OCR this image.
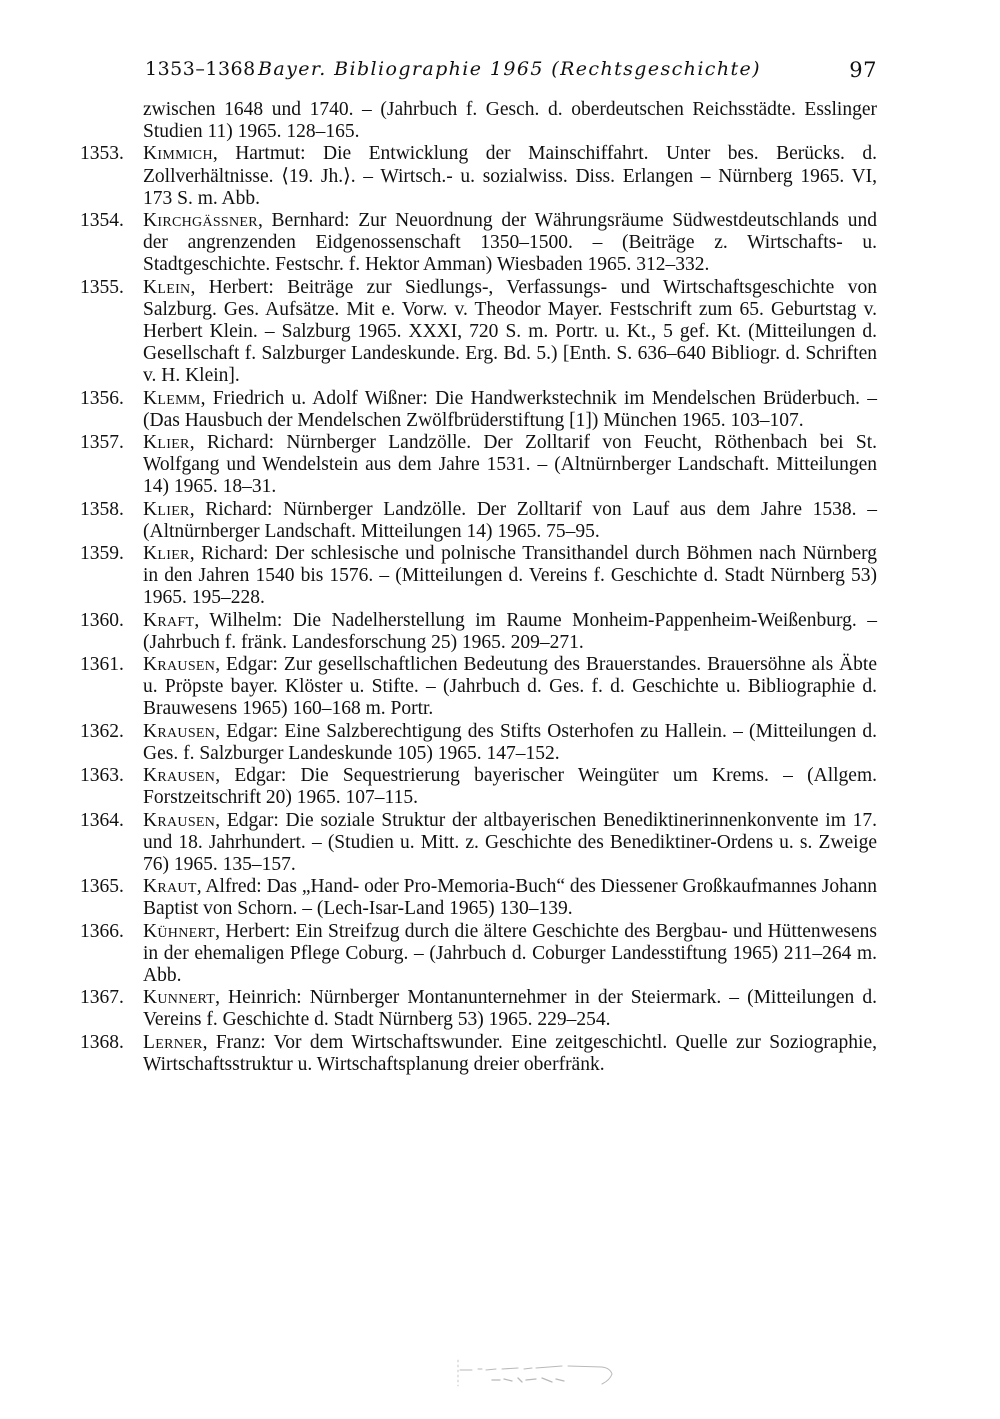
1353–1368 Bayer. Bibliographie 1965 (Rechtsgeschichte)	97
zwischen 1648 und 1740. – (Jahrbuch f. Gesch. d. oberdeutschen Reichsstädte. Esslinger Studien 11) 1965. 128–165.
1353. Kimmich, Hartmut: Die Entwicklung der Mainschiffahrt. Unter bes. Berücks. d. Zollverhältnisse. ⟨19. Jh.⟩. – Wirtsch.- u. sozialwiss. Diss. Erlangen – Nürnberg 1965. VI, 173 S. m. Abb.
1354. Kirchgässner, Bernhard: Zur Neuordnung der Währungsräume Südwestdeutschlands und der angrenzenden Eidgenossenschaft 1350–1500. – (Beiträge z. Wirtschafts- u. Stadtgeschichte. Festschr. f. Hektor Amman) Wiesbaden 1965. 312–332.
1355. Klein, Herbert: Beiträge zur Siedlungs-, Verfassungs- und Wirtschaftsgeschichte von Salzburg. Ges. Aufsätze. Mit e. Vorw. v. Theodor Mayer. Festschrift zum 65. Geburtstag v. Herbert Klein. – Salzburg 1965. XXXI, 720 S. m. Portr. u. Kt., 5 gef. Kt. (Mitteilungen d. Gesellschaft f. Salzburger Landeskunde. Erg. Bd. 5.) [Enth. S. 636–640 Bibliogr. d. Schriften v. H. Klein].
1356. Klemm, Friedrich u. Adolf Wißner: Die Handwerkstechnik im Mendelschen Brüderbuch. – (Das Hausbuch der Mendelschen Zwölfbrüderstiftung [1]) München 1965. 103–107.
1357. Klier, Richard: Nürnberger Landzölle. Der Zolltarif von Feucht, Röthenbach bei St. Wolfgang und Wendelstein aus dem Jahre 1531. – (Altnürnberger Landschaft. Mitteilungen 14) 1965. 18–31.
1358. Klier, Richard: Nürnberger Landzölle. Der Zolltarif von Lauf aus dem Jahre 1538. – (Altnürnberger Landschaft. Mitteilungen 14) 1965. 75–95.
1359. Klier, Richard: Der schlesische und polnische Transithandel durch Böhmen nach Nürnberg in den Jahren 1540 bis 1576. – (Mitteilungen d. Vereins f. Geschichte d. Stadt Nürnberg 53) 1965. 195–228.
1360. Kraft, Wilhelm: Die Nadelherstellung im Raume Monheim-Pappenheim-Weißenburg. – (Jahrbuch f. fränk. Landesforschung 25) 1965. 209–271.
1361. Krausen, Edgar: Zur gesellschaftlichen Bedeutung des Brauerstandes. Brauersöhne als Äbte u. Pröpste bayer. Klöster u. Stifte. – (Jahrbuch d. Ges. f. d. Geschichte u. Bibliographie d. Brauwesens 1965) 160–168 m. Portr.
1362. Krausen, Edgar: Eine Salzberechtigung des Stifts Osterhofen zu Hallein. – (Mitteilungen d. Ges. f. Salzburger Landeskunde 105) 1965. 147–152.
1363. Krausen, Edgar: Die Sequestrierung bayerischer Weingüter um Krems. – (Allgem. Forstzeitschrift 20) 1965. 107–115.
1364. Krausen, Edgar: Die soziale Struktur der altbayerischen Benediktinerinnenkonvente im 17. und 18. Jahrhundert. – (Studien u. Mitt. z. Geschichte des Benediktiner-Ordens u. s. Zweige 76) 1965. 135–157.
1365. Kraut, Alfred: Das „Hand- oder Pro-Memoria-Buch“ des Diessener Großkaufmannes Johann Baptist von Schorn. – (Lech-Isar-Land 1965) 130–139.
1366. Kühnert, Herbert: Ein Streifzug durch die ältere Geschichte des Bergbau- und Hüttenwesens in der ehemaligen Pflege Coburg. – (Jahrbuch d. Coburger Landesstiftung 1965) 211–264 m. Abb.
1367. Kunnert, Heinrich: Nürnberger Montanunternehmer in der Steiermark. – (Mitteilungen d. Vereins f. Geschichte d. Stadt Nürnberg 53) 1965. 229–254.
1368. Lerner, Franz: Vor dem Wirtschaftswunder. Eine zeitgeschichtl. Quelle zur Soziographie, Wirtschaftsstruktur u. Wirtschaftsplanung dreier oberfränk.
